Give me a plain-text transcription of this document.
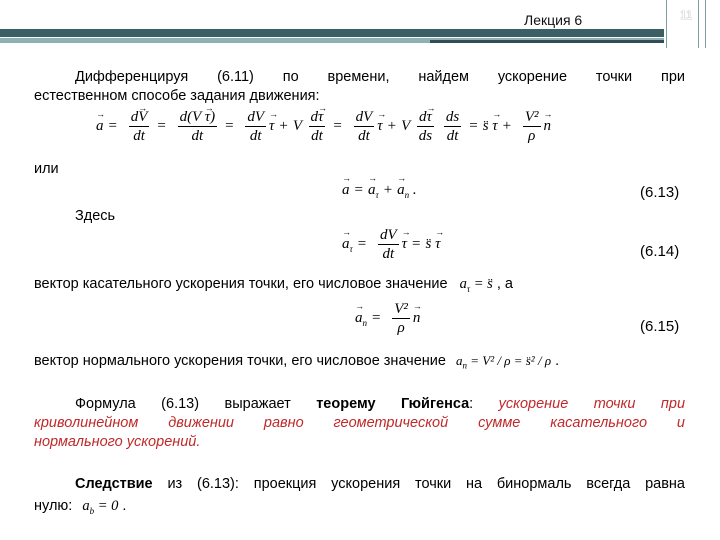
Лекция 6	11
Дифференцируя (6.11) по времени, найдем ускорение точки при
естественном способе задания движения:
→ $a = \frac{d\to V}{dt} = \frac{d(V \to \tau)}{dt} = \frac{dV}{dt}$
→ τ + V $\frac{d\to \tau}{dt} = \frac{dV}{dt}$
→ τ + V $\frac{d\to \tau}{ds}$
$\frac{ds}{dt}$ = s̈ → $\tau + \frac{\text{V²}}{\rho}$
→ n
или
→ $a =\to a_\tau +\to a_n$ .	(6.13)
Здесь
→ $a_\tau = \frac{dV}{dt}$
→ τ = s̈ → τ	(6.14)
вектор касательного ускорения точки, его числовое значение $a_\tau$ = s̈ , а
→ $a_n = \frac{\text{V²}}{\rho}$
→ n
(6.15)
вектор нормального ускорения точки, его числовое значение $a_n = V^2 / \rho$ = s̈² / ρ .
Формула (6.13) выражает теорему Гюйгенса: ускорение точки при
криволинейном движении равно геометрической сумме касательного и
нормального ускорений.
Следствие из (6.13): проекция ускорения точки на бинормаль всегда равна
нулю: $a_b = 0$ .
